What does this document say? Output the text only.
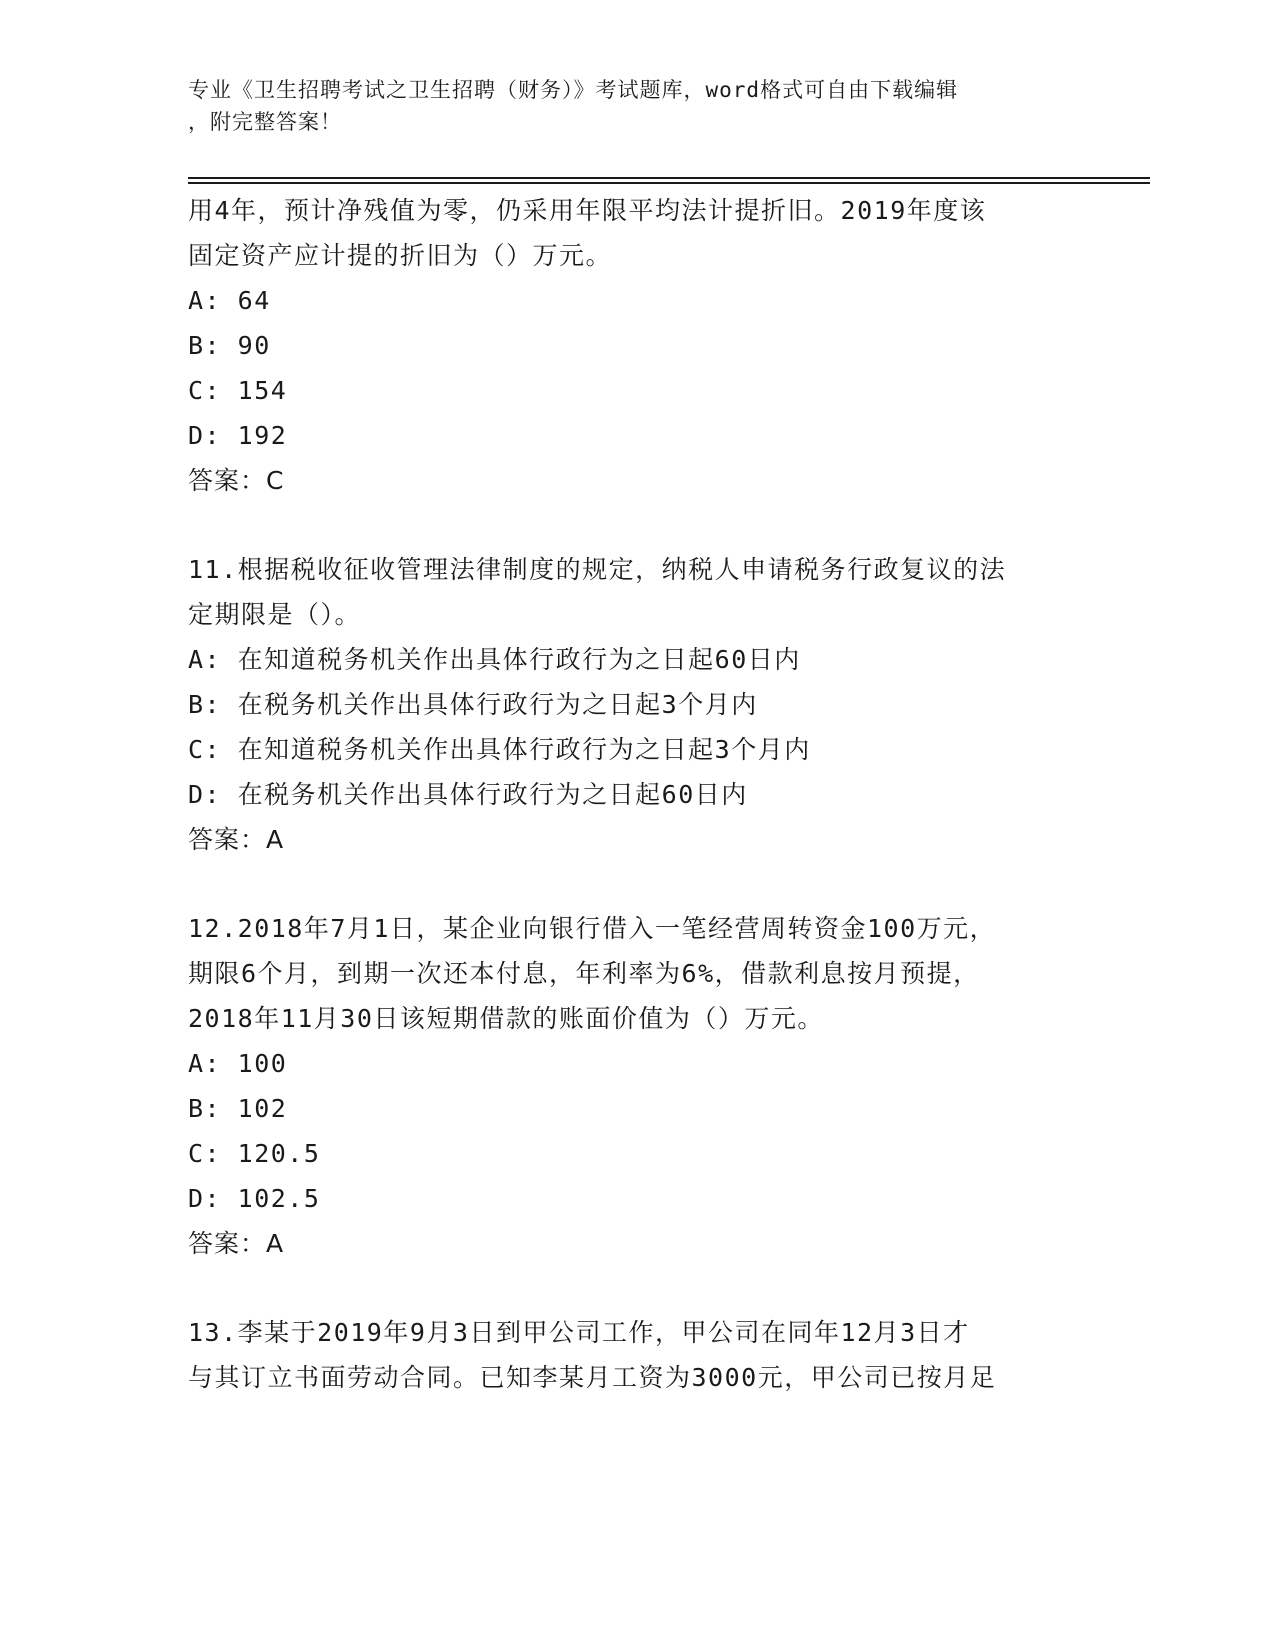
专业《卫生招聘考试之卫生招聘（财务）》考试题库，word格式可自由下载编辑
，附完整答案！
用4年，预计净残值为零，仍采用年限平均法计提折旧。2019年度该
固定资产应计提的折旧为（）万元。
A: 64
B: 90
C: 154
D: 192
答案：C
11.根据税收征收管理法律制度的规定，纳税人申请税务行政复议的法
定期限是（）。
A: 在知道税务机关作出具体行政行为之日起60日内
B: 在税务机关作出具体行政行为之日起3个月内
C: 在知道税务机关作出具体行政行为之日起3个月内
D: 在税务机关作出具体行政行为之日起60日内
答案：A
12.2018年7月1日，某企业向银行借入一笔经营周转资金100万元，
期限6个月，到期一次还本付息，年利率为6%，借款利息按月预提，
2018年11月30日该短期借款的账面价值为（）万元。
A: 100
B: 102
C: 120.5
D: 102.5
答案：A
13.李某于2019年9月3日到甲公司工作，甲公司在同年12月3日才
与其订立书面劳动合同。已知李某月工资为3000元，甲公司已按月足
